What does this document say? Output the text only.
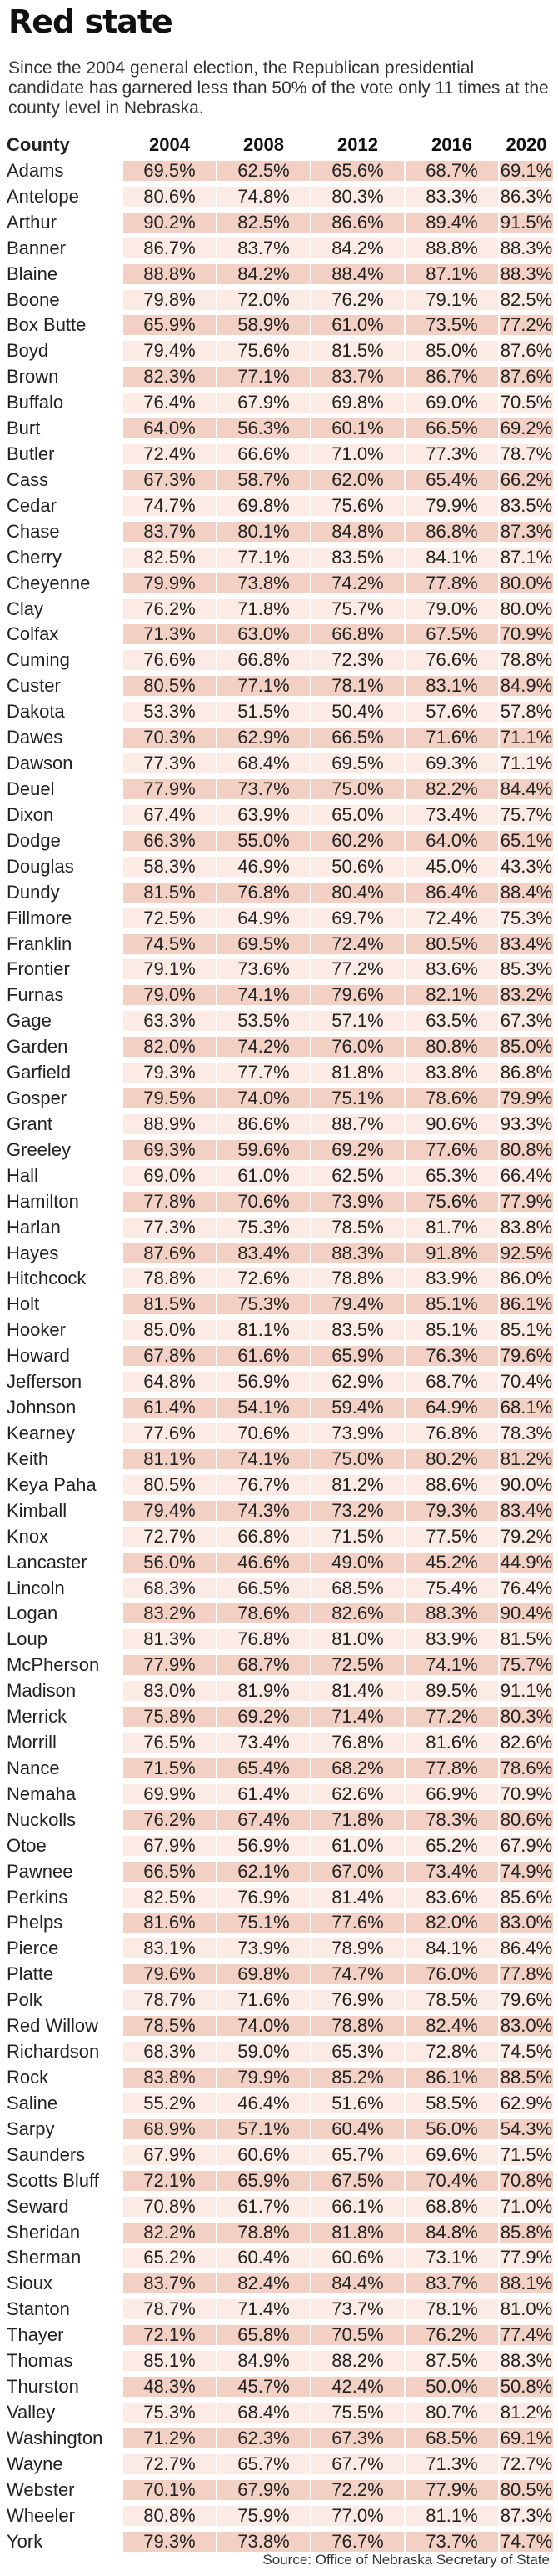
Red state
Since the 2004 general election, the Republican presidential candidate has garnered less than 50% of the vote only 11 times at the county level in Nebraska.
County	2004	2008	2012	2016	2020
Adams	69.5%	62.5%	65.6%	68.7%	69.1%
Antelope	80.6%	74.8%	80.3%	83.3%	86.3%
Arthur	90.2%	82.5%	86.6%	89.4%	91.5%
Banner	86.7%	83.7%	84.2%	88.8%	88.3%
Blaine	88.8%	84.2%	88.4%	87.1%	88.3%
Boone	79.8%	72.0%	76.2%	79.1%	82.5%
Box Butte	65.9%	58.9%	61.0%	73.5%	77.2%
Boyd	79.4%	75.6%	81.5%	85.0%	87.6%
Brown	82.3%	77.1%	83.7%	86.7%	87.6%
Buffalo	76.4%	67.9%	69.8%	69.0%	70.5%
Burt	64.0%	56.3%	60.1%	66.5%	69.2%
Butler	72.4%	66.6%	71.0%	77.3%	78.7%
Cass	67.3%	58.7%	62.0%	65.4%	66.2%
Cedar	74.7%	69.8%	75.6%	79.9%	83.5%
Chase	83.7%	80.1%	84.8%	86.8%	87.3%
Cherry	82.5%	77.1%	83.5%	84.1%	87.1%
Cheyenne	79.9%	73.8%	74.2%	77.8%	80.0%
Clay	76.2%	71.8%	75.7%	79.0%	80.0%
Colfax	71.3%	63.0%	66.8%	67.5%	70.9%
Cuming	76.6%	66.8%	72.3%	76.6%	78.8%
Custer	80.5%	77.1%	78.1%	83.1%	84.9%
Dakota	53.3%	51.5%	50.4%	57.6%	57.8%
Dawes	70.3%	62.9%	66.5%	71.6%	71.1%
Dawson	77.3%	68.4%	69.5%	69.3%	71.1%
Deuel	77.9%	73.7%	75.0%	82.2%	84.4%
Dixon	67.4%	63.9%	65.0%	73.4%	75.7%
Dodge	66.3%	55.0%	60.2%	64.0%	65.1%
Douglas	58.3%	46.9%	50.6%	45.0%	43.3%
Dundy	81.5%	76.8%	80.4%	86.4%	88.4%
Fillmore	72.5%	64.9%	69.7%	72.4%	75.3%
Franklin	74.5%	69.5%	72.4%	80.5%	83.4%
Frontier	79.1%	73.6%	77.2%	83.6%	85.3%
Furnas	79.0%	74.1%	79.6%	82.1%	83.2%
Gage	63.3%	53.5%	57.1%	63.5%	67.3%
Garden	82.0%	74.2%	76.0%	80.8%	85.0%
Garfield	79.3%	77.7%	81.8%	83.8%	86.8%
Gosper	79.5%	74.0%	75.1%	78.6%	79.9%
Grant	88.9%	86.6%	88.7%	90.6%	93.3%
Greeley	69.3%	59.6%	69.2%	77.6%	80.8%
Hall	69.0%	61.0%	62.5%	65.3%	66.4%
Hamilton	77.8%	70.6%	73.9%	75.6%	77.9%
Harlan	77.3%	75.3%	78.5%	81.7%	83.8%
Hayes	87.6%	83.4%	88.3%	91.8%	92.5%
Hitchcock	78.8%	72.6%	78.8%	83.9%	86.0%
Holt	81.5%	75.3%	79.4%	85.1%	86.1%
Hooker	85.0%	81.1%	83.5%	85.1%	85.1%
Howard	67.8%	61.6%	65.9%	76.3%	79.6%
Jefferson	64.8%	56.9%	62.9%	68.7%	70.4%
Johnson	61.4%	54.1%	59.4%	64.9%	68.1%
Kearney	77.6%	70.6%	73.9%	76.8%	78.3%
Keith	81.1%	74.1%	75.0%	80.2%	81.2%
Keya Paha	80.5%	76.7%	81.2%	88.6%	90.0%
Kimball	79.4%	74.3%	73.2%	79.3%	83.4%
Knox	72.7%	66.8%	71.5%	77.5%	79.2%
Lancaster	56.0%	46.6%	49.0%	45.2%	44.9%
Lincoln	68.3%	66.5%	68.5%	75.4%	76.4%
Logan	83.2%	78.6%	82.6%	88.3%	90.4%
Loup	81.3%	76.8%	81.0%	83.9%	81.5%
McPherson	77.9%	68.7%	72.5%	74.1%	75.7%
Madison	83.0%	81.9%	81.4%	89.5%	91.1%
Merrick	75.8%	69.2%	71.4%	77.2%	80.3%
Morrill	76.5%	73.4%	76.8%	81.6%	82.6%
Nance	71.5%	65.4%	68.2%	77.8%	78.6%
Nemaha	69.9%	61.4%	62.6%	66.9%	70.9%
Nuckolls	76.2%	67.4%	71.8%	78.3%	80.6%
Otoe	67.9%	56.9%	61.0%	65.2%	67.9%
Pawnee	66.5%	62.1%	67.0%	73.4%	74.9%
Perkins	82.5%	76.9%	81.4%	83.6%	85.6%
Phelps	81.6%	75.1%	77.6%	82.0%	83.0%
Pierce	83.1%	73.9%	78.9%	84.1%	86.4%
Platte	79.6%	69.8%	74.7%	76.0%	77.8%
Polk	78.7%	71.6%	76.9%	78.5%	79.6%
Red Willow	78.5%	74.0%	78.8%	82.4%	83.0%
Richardson	68.3%	59.0%	65.3%	72.8%	74.5%
Rock	83.8%	79.9%	85.2%	86.1%	88.5%
Saline	55.2%	46.4%	51.6%	58.5%	62.9%
Sarpy	68.9%	57.1%	60.4%	56.0%	54.3%
Saunders	67.9%	60.6%	65.7%	69.6%	71.5%
Scotts Bluff	72.1%	65.9%	67.5%	70.4%	70.8%
Seward	70.8%	61.7%	66.1%	68.8%	71.0%
Sheridan	82.2%	78.8%	81.8%	84.8%	85.8%
Sherman	65.2%	60.4%	60.6%	73.1%	77.9%
Sioux	83.7%	82.4%	84.4%	83.7%	88.1%
Stanton	78.7%	71.4%	73.7%	78.1%	81.0%
Thayer	72.1%	65.8%	70.5%	76.2%	77.4%
Thomas	85.1%	84.9%	88.2%	87.5%	88.3%
Thurston	48.3%	45.7%	42.4%	50.0%	50.8%
Valley	75.3%	68.4%	75.5%	80.7%	81.2%
Washington	71.2%	62.3%	67.3%	68.5%	69.1%
Wayne	72.7%	65.7%	67.7%	71.3%	72.7%
Webster	70.1%	67.9%	72.2%	77.9%	80.5%
Wheeler	80.8%	75.9%	77.0%	81.1%	87.3%
York	79.3%	73.8%	76.7%	73.7%	74.7%
Source: Office of Nebraska Secretary of State
